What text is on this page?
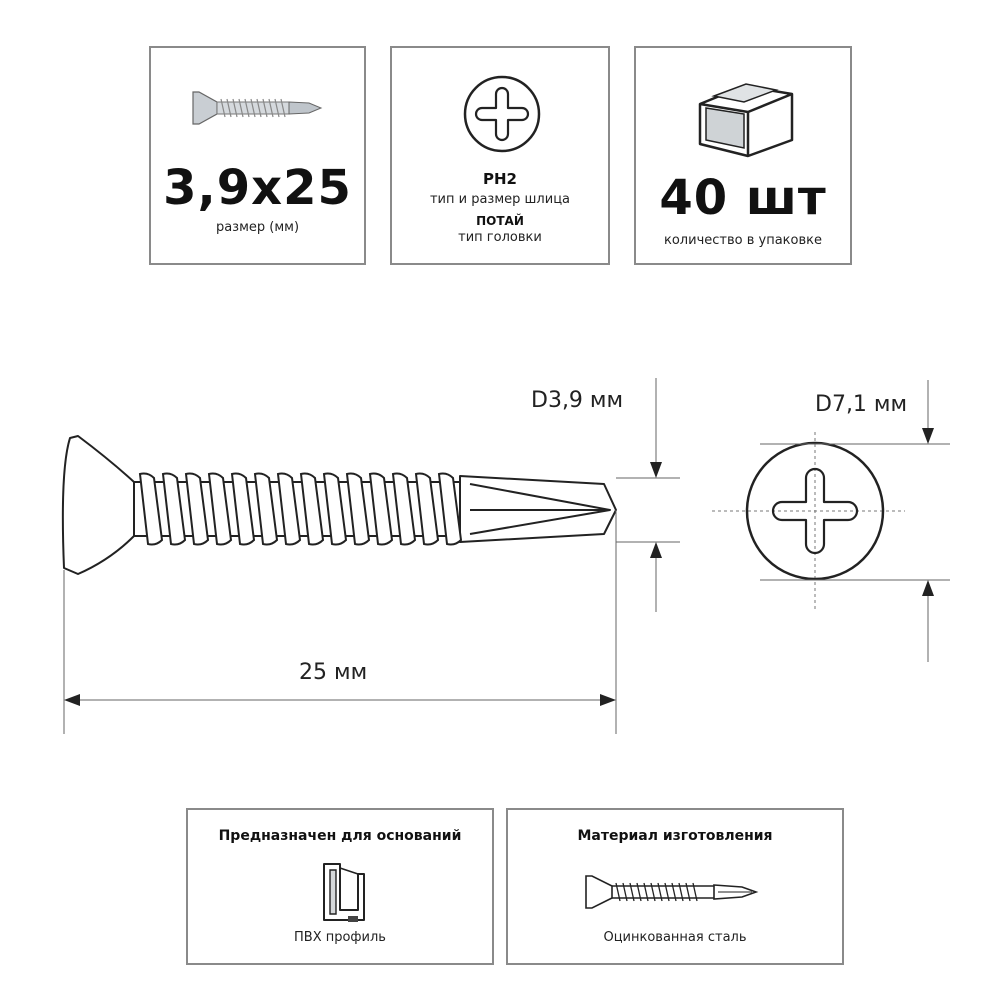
3,9x25
размер (мм)
PH2
тип и размер шлица
ПОТАЙ
тип головки
40 шт
количество в упаковке
D3,9 мм	D7,1 мм
25 мм
Предназначен для оснований
ПВХ профиль
Материал изготовления
Оцинкованная сталь
